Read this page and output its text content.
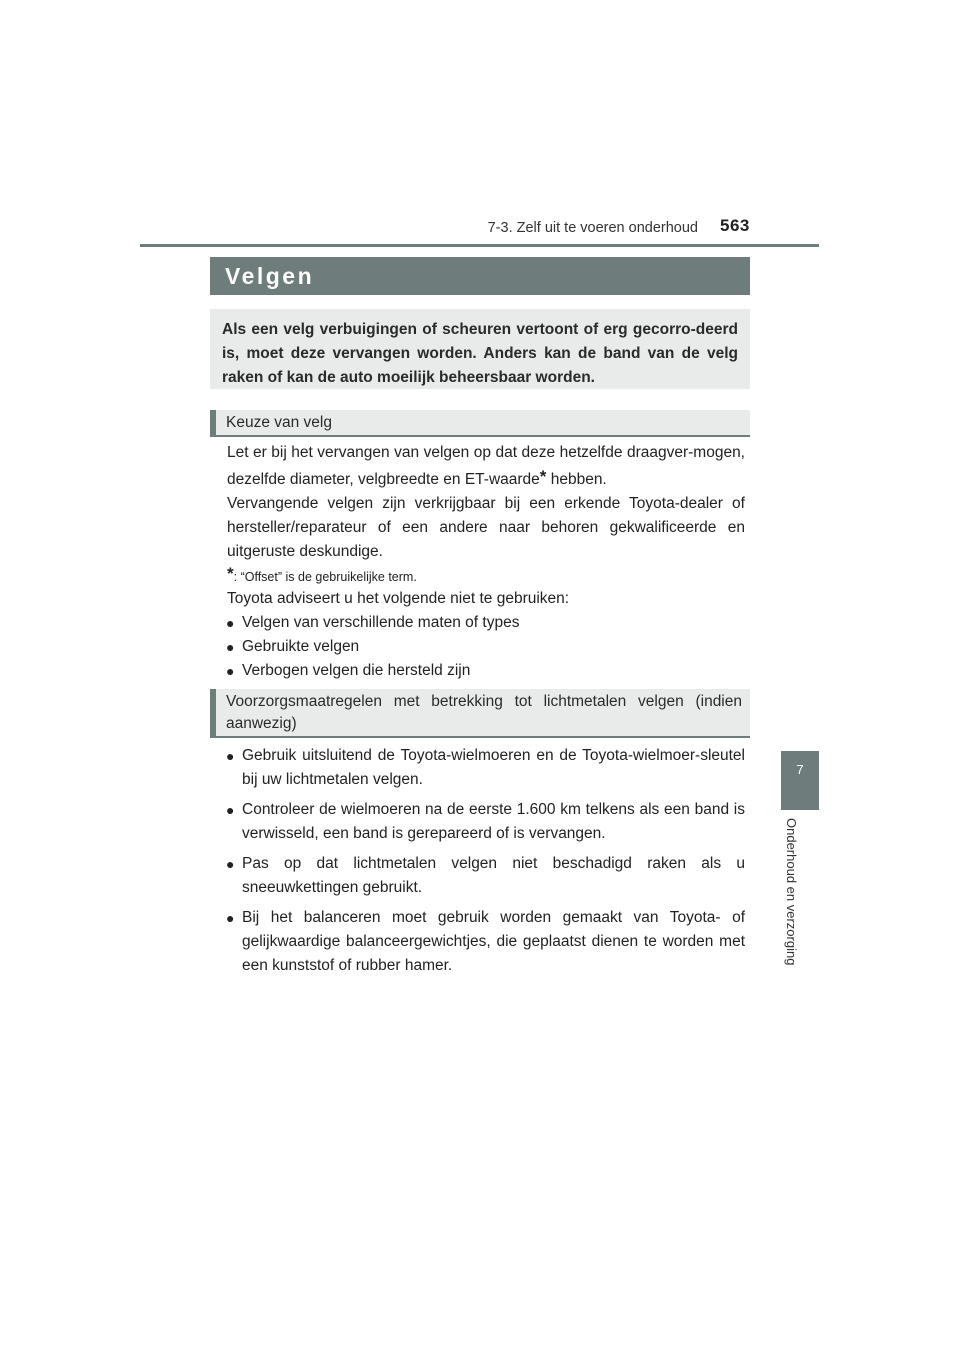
7-3. Zelf uit te voeren onderhoud 563
7
Onderhoud en verzorging
Velgen
Als een velg verbuigingen of scheuren vertoont of erg gecorro-deerd is, moet deze vervangen worden. Anders kan de band van de velg raken of kan de auto moeilijk beheersbaar worden.
Keuze van velg

Let er bij het vervangen van velgen op dat deze hetzelfde draagver-mogen, dezelfde diameter, velgbreedte en ET-waarde* hebben.

Vervangende velgen zijn verkrijgbaar bij een erkende Toyota-dealer of hersteller/reparateur of een andere naar behoren gekwalificeerde en uitgeruste deskundige.

*: “Offset” is de gebruikelijke term.

Toyota adviseert u het volgende niet te gebruiken:

● Velgen van verschillende maten of types
● Gebruikte velgen
● Verbogen velgen die hersteld zijn
Voorzorgsmaatregelen met betrekking tot lichtmetalen velgen (indien aanwezig)
● Gebruik uitsluitend de Toyota-wielmoeren en de Toyota-wielmoer-sleutel bij uw lichtmetalen velgen.
● Controleer de wielmoeren na de eerste 1.600 km telkens als een band is verwisseld, een band is gerepareerd of is vervangen.
● Pas op dat lichtmetalen velgen niet beschadigd raken als u sneeuwkettingen gebruikt.
● Bij het balanceren moet gebruik worden gemaakt van Toyota- of gelijkwaardige balanceergewichtjes, die geplaatst dienen te worden met een kunststof of rubber hamer.
